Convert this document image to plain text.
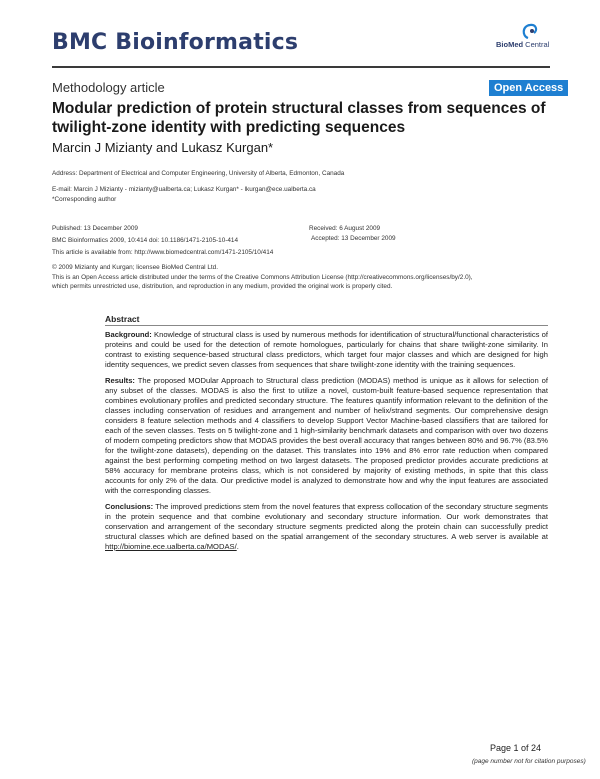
BMC Bioinformatics	BioMed Central
Methodology article	Open Access
Modular prediction of protein structural classes from sequences of twilight-zone identity with predicting sequences
Marcin J Mizianty and Lukasz Kurgan*
Address: Department of Electrical and Computer Engineering, University of Alberta, Edmonton, Canada
E-mail: Marcin J Mizianty - mizianty@ualberta.ca; Lukasz Kurgan* - lkurgan@ece.ualberta.ca
*Corresponding author
Published: 13 December 2009	Received: 6 August 2009
BMC Bioinformatics 2009, 10:414 doi: 10.1186/1471-2105-10-414	Accepted: 13 December 2009
This article is available from: http://www.biomedcentral.com/1471-2105/10/414
© 2009 Mizianty and Kurgan; licensee BioMed Central Ltd.
This is an Open Access article distributed under the terms of the Creative Commons Attribution License (http://creativecommons.org/licenses/by/2.0),
which permits unrestricted use, distribution, and reproduction in any medium, provided the original work is properly cited.
Abstract

Background: Knowledge of structural class is used by numerous methods for identification of structural/functional characteristics of proteins and could be used for the detection of remote homologues, particularly for chains that share twilight-zone similarity. In contrast to existing sequence-based structural class predictors, which target four major classes and which are designed for high identity sequences, we predict seven classes from sequences that share twilight-zone identity with the training sequences.

Results: The proposed MODular Approach to Structural class prediction (MODAS) method is unique as it allows for selection of any subset of the classes. MODAS is also the first to utilize a novel, custom-built feature-based sequence representation that combines evolutionary profiles and predicted secondary structure. The features quantify information relevant to the definition of the classes including conservation of residues and arrangement and number of helix/strand segments. Our comprehensive design considers 8 feature selection methods and 4 classifiers to develop Support Vector Machine-based classifiers that are tailored for each of the seven classes. Tests on 5 twilight-zone and 1 high-similarity benchmark datasets and comparison with over two dozens of modern competing predictors show that MODAS provides the best overall accuracy that ranges between 80% and 96.7% (83.5% for the twilight-zone datasets), depending on the dataset. This translates into 19% and 8% error rate reduction when compared against the best performing competing method on two largest datasets. The proposed predictor provides accurate predictions at 58% accuracy for membrane proteins class, which is not considered by majority of existing methods, in spite that this class accounts for only 2% of the data. Our predictive model is analyzed to demonstrate how and why the input features are associated with the corresponding classes.

Conclusions: The improved predictions stem from the novel features that express collocation of the secondary structure segments in the protein sequence and that combine evolutionary and secondary structure information. Our work demonstrates that conservation and arrangement of the secondary structure segments predicted along the protein chain can successfully predict structural classes which are defined based on the spatial arrangement of the secondary structures. A web server is available at http://biomine.ece.ualberta.ca/MODAS/.

Page 1 of 24
(page number not for citation purposes)
